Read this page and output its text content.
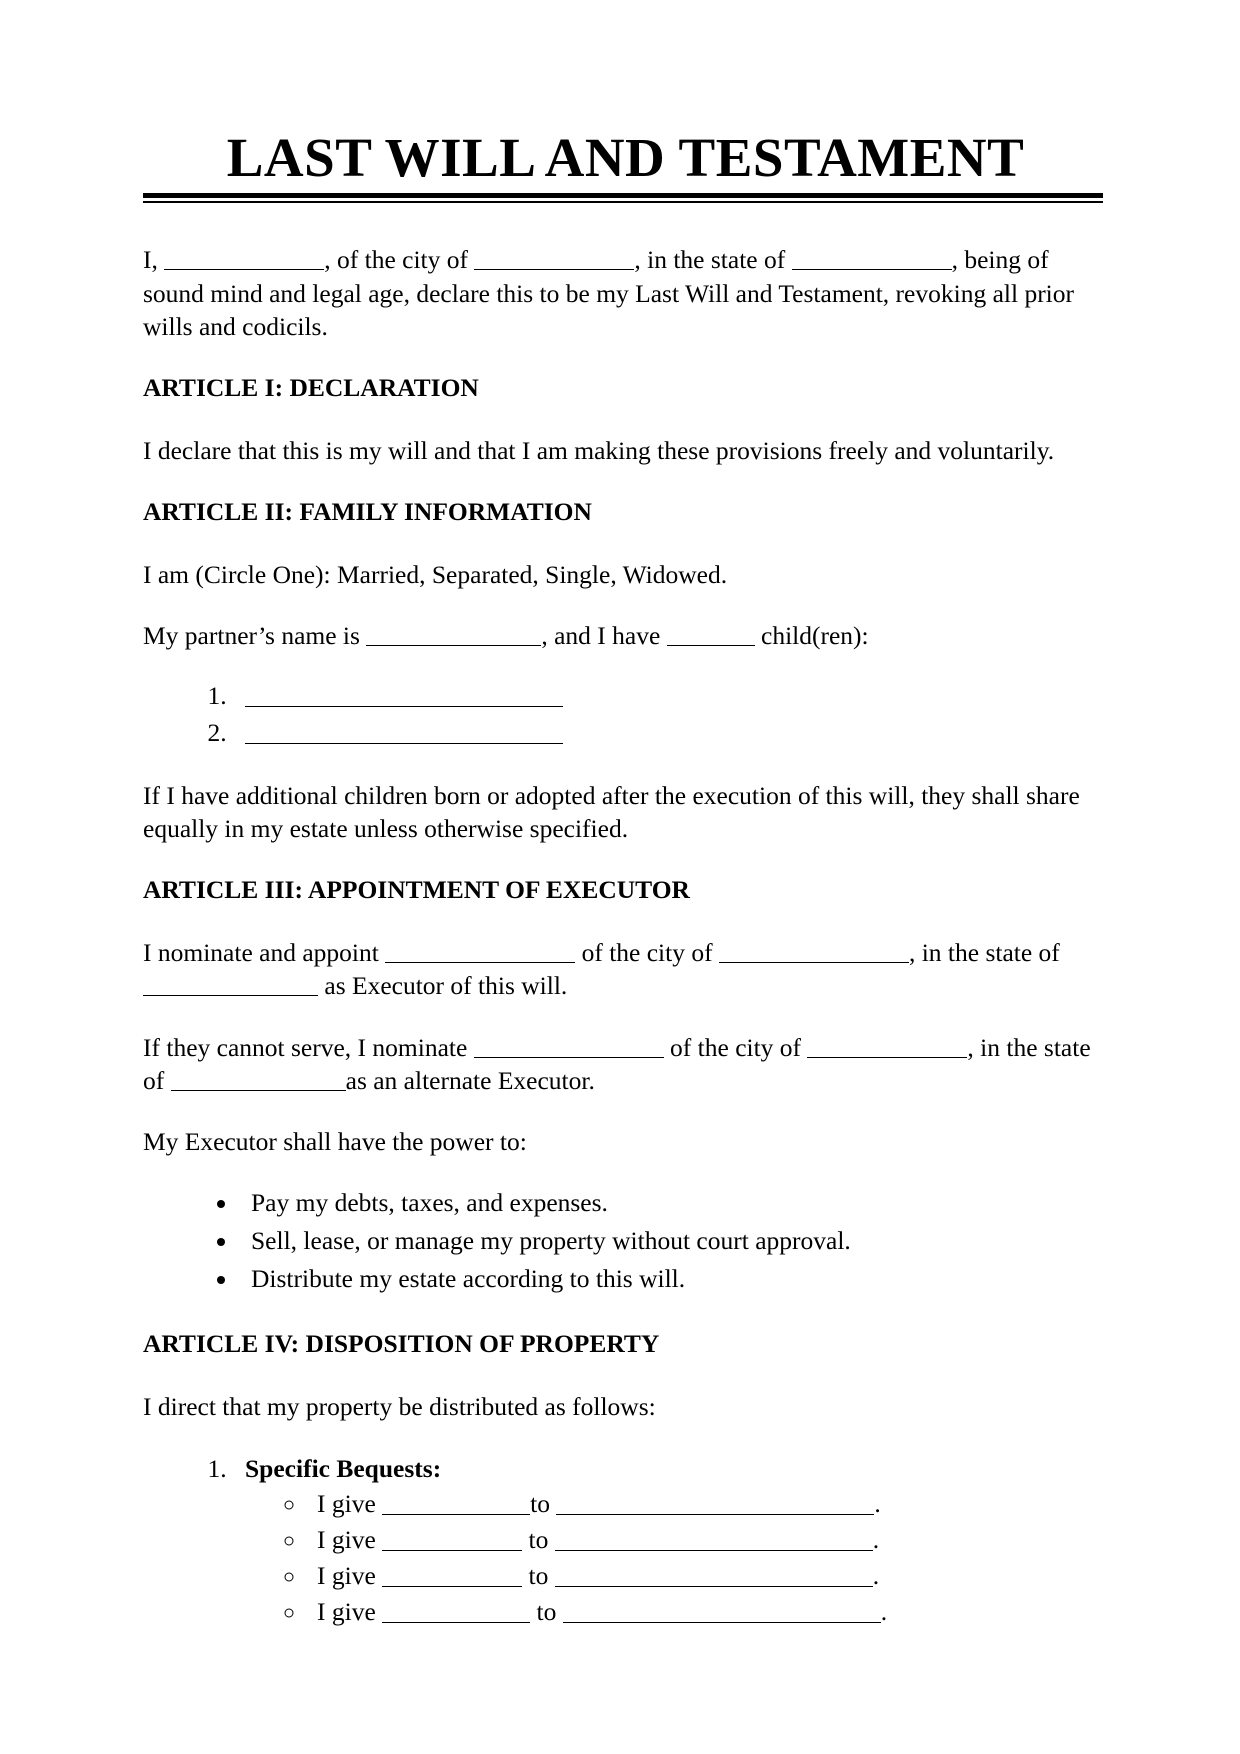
LAST WILL AND TESTAMENT

I,	, of the city of	, in the state of	, being of sound mind and legal age, declare this to be my Last Will and Testament, revoking all prior wills and codicils.

ARTICLE I: DECLARATION

I declare that this is my will and that I am making these provisions freely and voluntarily.

ARTICLE II: FAMILY INFORMATION

I am (Circle One): Married, Separated, Single, Widowed.

My partner’s name is	, and I have	child(ren):

1.
2.

If I have additional children born or adopted after the execution of this will, they shall share equally in my estate unless otherwise specified.

ARTICLE III: APPOINTMENT OF EXECUTOR

I nominate and appoint	of the city of	, in the state of  as Executor of this will.

If they cannot serve, I nominate	of the city of	, in the state of	as an alternate Executor.

My Executor shall have the power to:

• Pay my debts, taxes, and expenses.
• Sell, lease, or manage my property without court approval.
• Distribute my estate according to this will.
ARTICLE IV: DISPOSITION OF PROPERTY

I direct that my property be distributed as follows:

1. Specific Bequests:
◦ I give	to	.
◦ I give	to	.
◦ I give	to	.
◦ I give	to	.
